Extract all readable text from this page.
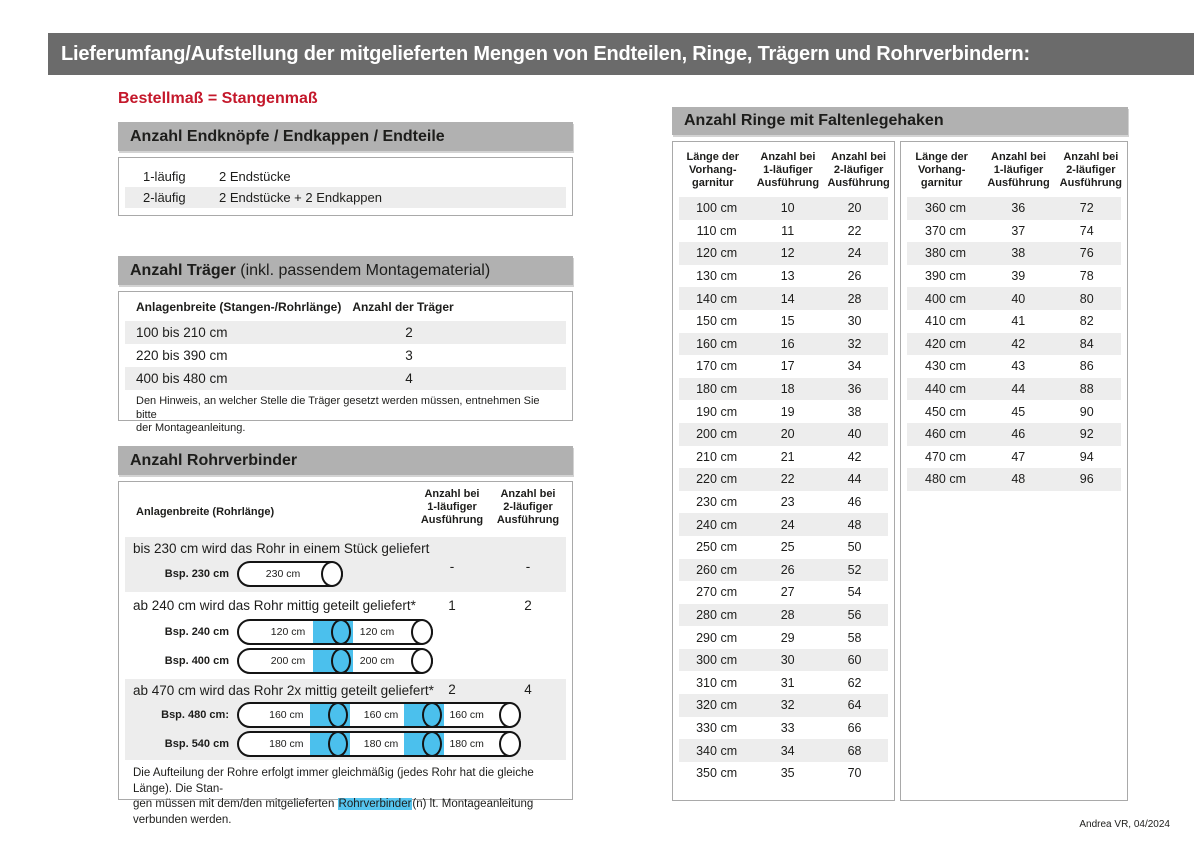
Lieferumfang/Aufstellung der mitgelieferten Mengen von Endteilen, Ringe, Trägern und Rohrverbindern:
Bestellmaß = Stangenmaß
Anzahl Endknöpfe / Endkappen / Endteile
1-läufig	2 Endstücke
2-läufig	2 Endstücke + 2 Endkappen
Anzahl Träger (inkl. passendem Montagematerial)
Anlagenbreite (Stangen-/Rohrlänge) Anzahl der Träger
100 bis 210 cm	2
220 bis 390 cm	3
400 bis 480 cm	4
Den Hinweis, an welcher Stelle die Träger gesetzt werden müssen, entnehmen Sie bitte
der Montageanleitung.
Anzahl Rohrverbinder
Anlagenbreite (Rohrlänge)
Anzahl bei
1-läufiger
Ausführung
Anzahl bei
2-läufiger
Ausführung
bis 230 cm wird das Rohr in einem Stück geliefert
-	-
Bsp. 230 cm	230 cm
ab 240 cm wird das Rohr mittig geteilt geliefert*	1	2
Bsp. 240 cm	120 cm	120 cm
Bsp. 400 cm	200 cm	200 cm
ab 470 cm wird das Rohr 2x mittig geteilt geliefert*	2	4
Bsp. 480 cm:	160 cm	160 cm	160 cm
Bsp. 540 cm	180 cm	180 cm	180 cm
Die Aufteilung der Rohre erfolgt immer gleichmäßig (jedes Rohr hat die gleiche Länge). Die Stan-
gen müssen mit dem/den mitgelieferten Rohrverbinder(n) lt. Montageanleitung verbunden werden.
Anzahl Ringe mit Faltenlegehaken
Länge der
Vorhang-
garnitur
Anzahl bei
1-läufiger
Ausführung
Anzahl bei
2-läufiger
Ausführung
100 cm	10	20
110 cm	11	22
120 cm	12	24
130 cm	13	26
140 cm	14	28
150 cm	15	30
160 cm	16	32
170 cm	17	34
180 cm	18	36
190 cm	19	38
200 cm	20	40
210 cm	21	42
220 cm	22	44
230 cm	23	46
240 cm	24	48
250 cm	25	50
260 cm	26	52
270 cm	27	54
280 cm	28	56
290 cm	29	58
300 cm	30	60
310 cm	31	62
320 cm	32	64
330 cm	33	66
340 cm	34	68
350 cm	35	70
Länge der
Vorhang-
garnitur
Anzahl bei
1-läufiger
Ausführung
Anzahl bei
2-läufiger
Ausführung
360 cm	36	72
370 cm	37	74
380 cm	38	76
390 cm	39	78
400 cm	40	80
410 cm	41	82
420 cm	42	84
430 cm	43	86
440 cm	44	88
450 cm	45	90
460 cm	46	92
470 cm	47	94
480 cm	48	96
Andrea VR, 04/2024
